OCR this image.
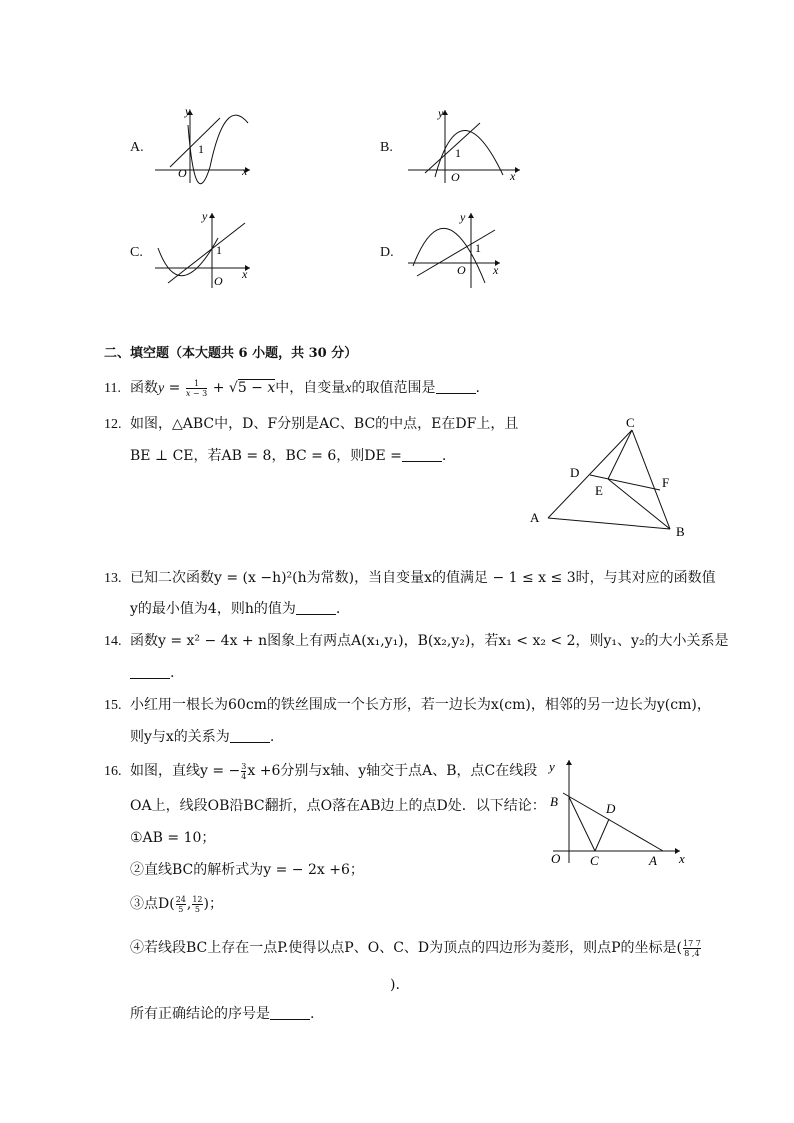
A.
y
x
O
1	B.
y
x
O
1
C.
y
x
O
1	D.
y
x
O
1
二、填空题（本大题共 6 小题，共 30 分）
11. 函数$y = \frac{1}{x - 3} + √5 - x$中，自变量x的取值范围是	.
12. 如图，△ABC中，D、F分别是AC、BC的中点，E在DF上，且
BE ⊥ CE，若AB = 8，BC = 6，则DE =	.
A
B
C
D
E
F
13. 已知二次函数y = (x −h)²(h为常数)，当自变量x的值满足 − 1 ≤ x ≤ 3时，与其对应的函数值
y的最小值为4，则h的值为	.
14. 函数y = x² − 4x + n图象上有两点A(x₁,y₁)，B(x₂,y₂)，若x₁ < x₂ < 2，则y₁、y₂的大小关系是
.
15. 小红用一根长为60cm的铁丝围成一个长方形，若一边长为x(cm)，相邻的另一边长为y(cm)，
则y与x的关系为	.
16. 如图，直线y = − $\frac{3}{4}$ x +6分别与x轴、y轴交于点A、B，点C在线段
OA上，线段OB沿BC翻折，点O落在AB边上的点D处．以下结论：
①AB = 10；
②直线BC的解析式为y = − 2x +6；
③点$D( \frac{24}{5}$ , $\frac{12}{5}$ )；
④若线段BC上存在一点P.使得以点P、O、C、D为顶点的四边形为菱形，则点P的坐标是( $\frac{17 7}{8 ,4}$
).
所有正确结论的序号是	.
y
x
O
B
C
D
A
